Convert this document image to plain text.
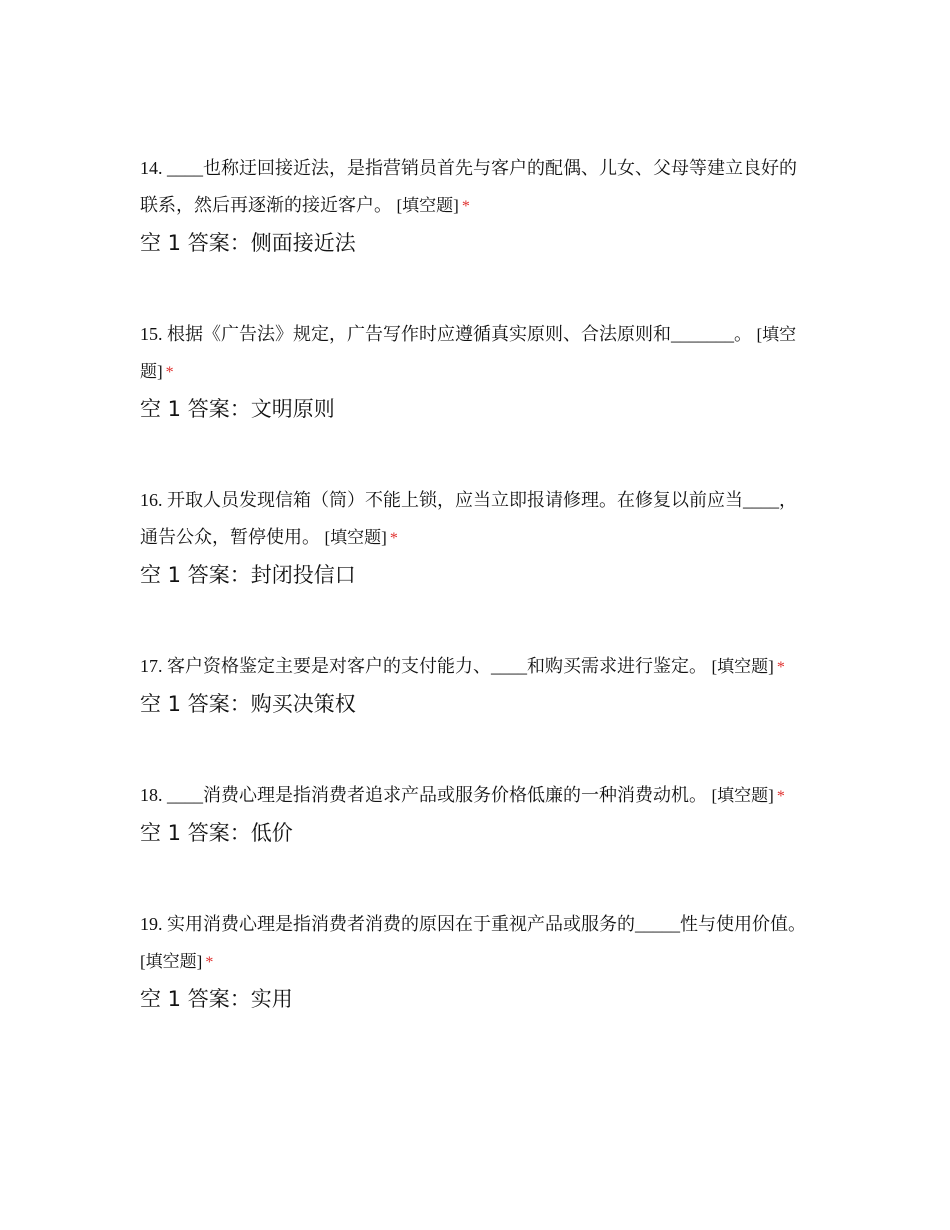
14. ____也称迂回接近法，是指营销员首先与客户的配偶、儿女、父母等建立良好的联系，然后再逐渐的接近客户。 [填空题] *

空 1 答案：侧面接近法

15. 根据《广告法》规定，广告写作时应遵循真实原则、合法原则和_______。 [填空题] *

空 1 答案：文明原则

16. 开取人员发现信箱（筒）不能上锁，应当立即报请修理。在修复以前应当____，通告公众，暂停使用。 [填空题] *

空 1 答案：封闭投信口

17. 客户资格鉴定主要是对客户的支付能力、____和购买需求进行鉴定。 [填空题] *

空 1 答案：购买决策权

18. ____消费心理是指消费者追求产品或服务价格低廉的一种消费动机。 [填空题] *

空 1 答案：低价

19. 实用消费心理是指消费者消费的原因在于重视产品或服务的_____性与使用价值。 [填空题] *

空 1 答案：实用
